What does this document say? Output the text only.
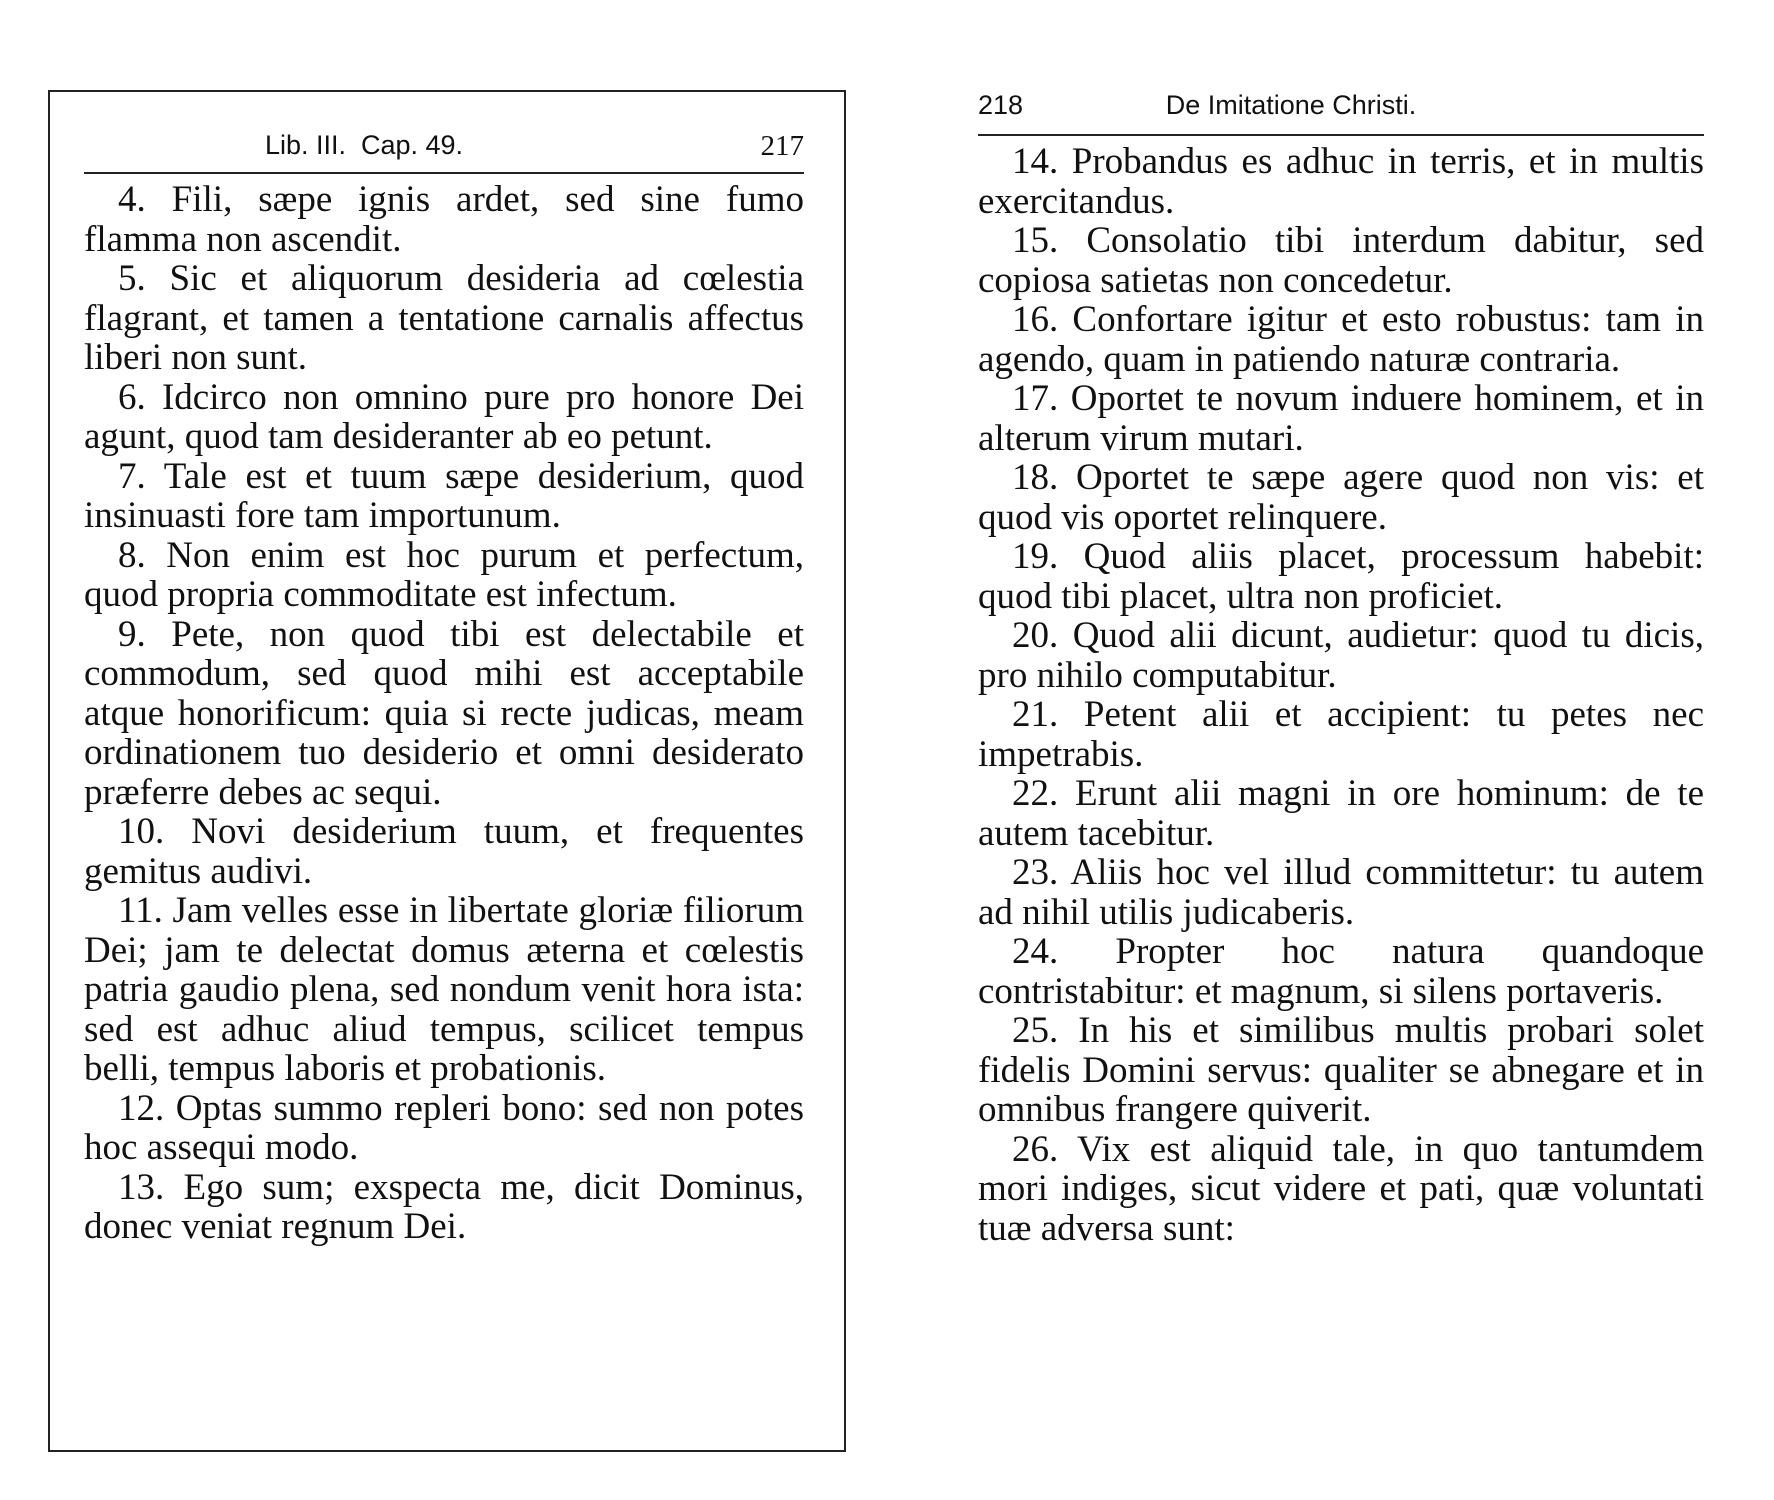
Lib. III.  Cap. 49.	217

4. Fili, sæpe ignis ardet, sed sine fumo flamma non ascendit.

5. Sic et aliquorum desideria ad cœlestia flagrant, et tamen a tentatione carnalis affectus liberi non sunt.

6. Idcirco non omnino pure pro honore Dei agunt, quod tam desideranter ab eo petunt.

7. Tale est et tuum sæpe desiderium, quod insinuasti fore tam importunum.

8. Non enim est hoc purum et perfectum, quod propria commoditate est infectum.

9. Pete, non quod tibi est delectabile et commodum, sed quod mihi est acceptabile atque honorificum: quia si recte judicas, meam ordinationem tuo desiderio et omni desiderato præferre debes ac sequi.

10. Novi desiderium tuum, et frequentes gemitus audivi.

11. Jam velles esse in libertate gloriæ filiorum Dei; jam te delectat domus æterna et cœlestis patria gaudio plena, sed nondum venit hora ista: sed est adhuc aliud tempus, scilicet tempus belli, tempus laboris et probationis.

12. Optas summo repleri bono: sed non potes hoc assequi modo.

13. Ego sum; exspecta me, dicit Dominus, donec veniat regnum Dei.

218	De Imitatione Christi.

14. Probandus es adhuc in terris, et in multis exercitandus.

15. Consolatio tibi interdum dabitur, sed copiosa satietas non concedetur.

16. Confortare igitur et esto robustus: tam in agendo, quam in patiendo naturæ contraria.

17. Oportet te novum induere hominem, et in alterum virum mutari.

18. Oportet te sæpe agere quod non vis: et quod vis oportet relinquere.

19. Quod aliis placet, processum habebit: quod tibi placet, ultra non proficiet.

20. Quod alii dicunt, audietur: quod tu dicis, pro nihilo computabitur.

21. Petent alii et accipient: tu petes nec impetrabis.

22. Erunt alii magni in ore hominum: de te autem tacebitur.

23. Aliis hoc vel illud committetur: tu autem ad nihil utilis judicaberis.

24. Propter hoc natura quandoque contristabitur: et magnum, si silens portaveris.

25. In his et similibus multis probari solet fidelis Domini servus: qualiter se abnegare et in omnibus frangere quiverit.

26. Vix est aliquid tale, in quo tantumdem mori indiges, sicut videre et pati, quæ voluntati tuæ adversa sunt:
